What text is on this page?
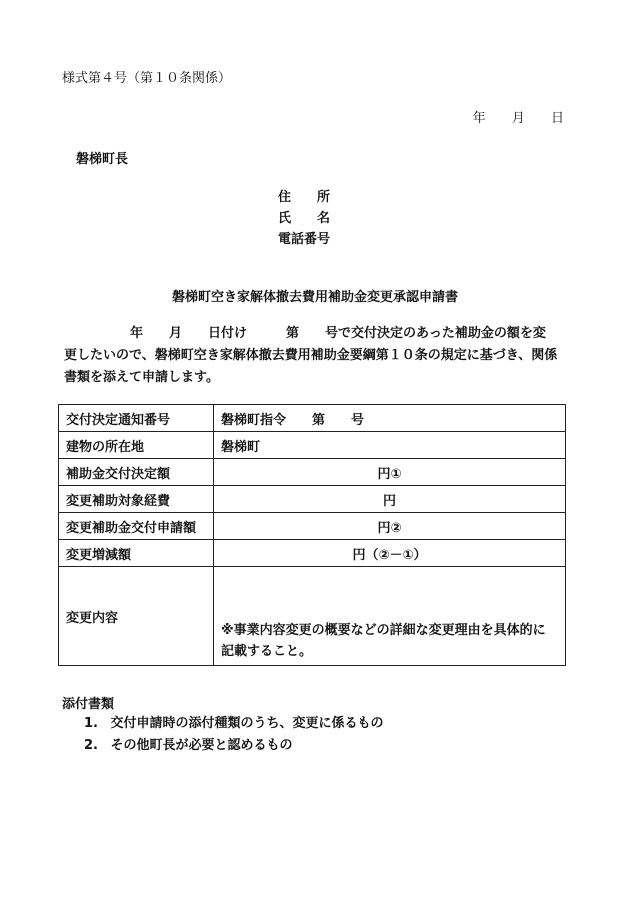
様式第４号（第１０条関係）
年 月 日
磐梯町長
住　　所
氏　　名
電話番号
磐梯町空き家解体撤去費用補助金変更承認申請書
年　　月　　日付け　　　第　　号で交付決定のあった補助金の額を変
更したいので、磐梯町空き家解体撤去費用補助金要綱第１０条の規定に基づき、関係
書類を添えて申請します。
交付決定通知番号	磐梯町指令　　第　　号
建物の所在地	磐梯町
補助金交付決定額	円①
変更補助対象経費	円
変更補助金交付申請額	円②
変更増減額	円（②－①）
変更内容	※事業内容変更の概要などの詳細な変更理由を具体的に
記載すること。
添付書類
1. 交付申請時の添付種類のうち、変更に係るもの
2. その他町長が必要と認めるもの
